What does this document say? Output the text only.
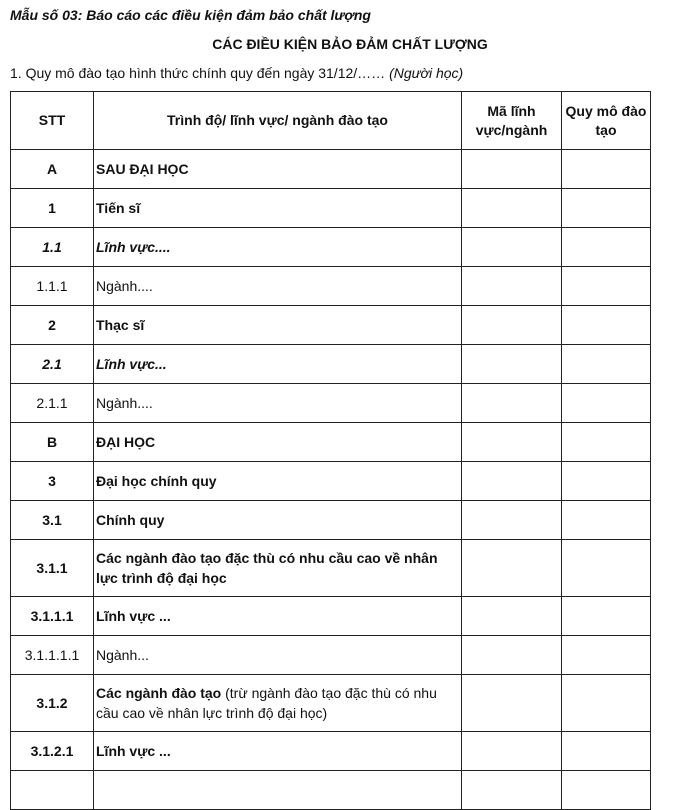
Mẫu số 03: Báo cáo các điều kiện đảm bảo chất lượng
CÁC ĐIỀU KIỆN BẢO ĐẢM CHẤT LƯỢNG
1. Quy mô đào tạo hình thức chính quy đến ngày 31/12/…… (Người học)
STT	Trình độ/ lĩnh vực/ ngành đào tạo	Mã lĩnh vực/ngành	Quy mô đào tạo
A	SAU ĐẠI HỌC		
1	Tiến sĩ		
1.1	Lĩnh vực....		
1.1.1	Ngành....		
2	Thạc sĩ		
2.1	Lĩnh vực...		
2.1.1	Ngành....		
B	ĐẠI HỌC		
3	Đại học chính quy		
3.1	Chính quy		
3.1.1	Các ngành đào tạo đặc thù có nhu cầu cao về nhân lực trình độ đại học		
3.1.1.1	Lĩnh vực ...		
3.1.1.1.1	Ngành...		
3.1.2	Các ngành đào tạo (trừ ngành đào tạo đặc thù có nhu cầu cao về nhân lực trình độ đại học)		
3.1.2.1	Lĩnh vực ...		
